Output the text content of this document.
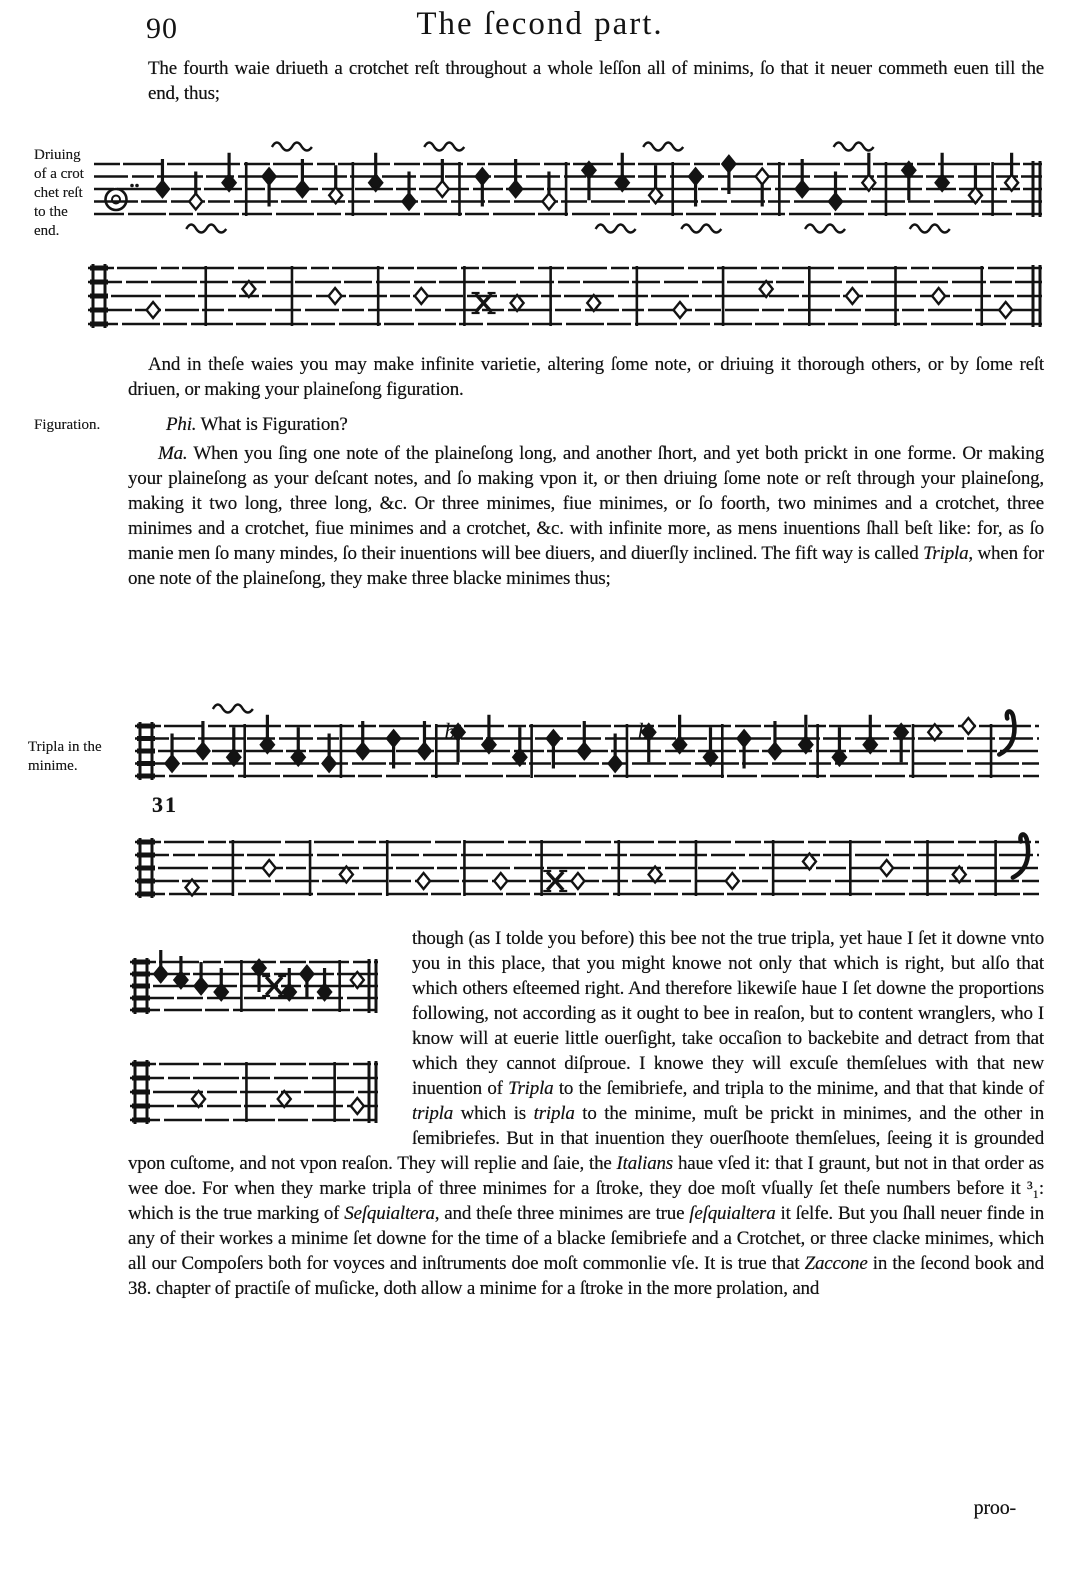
90	The ſecond part.
The fourth waie driueth a crotchet reſt throughout a whole leſſon all of minims, ſo that it neuer commeth euen till the end, thus;
Driuing
of a crot
chet reſt
to the
end.
And in theſe waies you may make infinite varietie, altering ſome note, or driuing it thorough others, or by ſome reſt driuen, or making your plaineſong figuration.
Figuration.	Phi. What is Figuration?
Ma. When you ſing one note of the plaineſong long, and another ſhort, and yet both prickt in one forme. Or making your plaineſong as your deſcant notes, and ſo making vpon it, or then driuing ſome note or reſt through your plaineſong, making it two long, three long, &c. Or three minimes, fiue minimes, or ſo foorth, two minimes and a crotchet, three minimes and a crotchet, fiue minimes and a crotchet, &c. with infinite more, as mens inuentions ſhall beſt like: for, as ſo manie men ſo many mindes, ſo their inuentions will bee diuers, and diuerſly inclined. The fift way is called Tripla, when for one note of the plaineſong, they make three blacke minimes thus;
Tripla in the
minime.
b	b
31
though (as I tolde you before) this bee not the true tripla, yet haue I ſet it downe vnto you in this place, that you might knowe not only that which is right, but alſo that which others eſteemed right. And therefore likewiſe haue I ſet downe the proportions following, not according as it ought to bee in reaſon, but to content wranglers, who I know will at euerie little ouerſight, take occaſion to backebite and detract from that which they cannot diſproue. I knowe they will excuſe themſelues with that new inuention of Tripla to the ſemibriefe, and tripla to the minime, and that that kinde of tripla which is tripla to the minime, muſt be prickt in minimes, and the other in ſemibriefes. But in that inuention they ouerſhoote themſelues, ſeeing it is grounded vpon cuſtome, and not vpon reaſon. They will replie and ſaie, the Italians haue vſed it: that I graunt, but not in that order as wee doe. For when they marke tripla of three minimes for a ſtroke, they doe moſt vſually ſet theſe numbers before it ³₁: which is the true marking of Seſquialtera, and theſe three minimes are true ſeſquialtera it ſelfe. But you ſhall neuer finde in any of their workes a minime ſet downe for the time of a blacke ſemibriefe and a Crotchet, or three clacke minimes, which all our Compoſers both for voyces and inſtruments doe moſt commonlie vſe. It is true that Zaccone in the ſecond book and 38. chapter of practiſe of muſicke, doth allow a minime for a ſtroke in the more prolation, and
proo-
